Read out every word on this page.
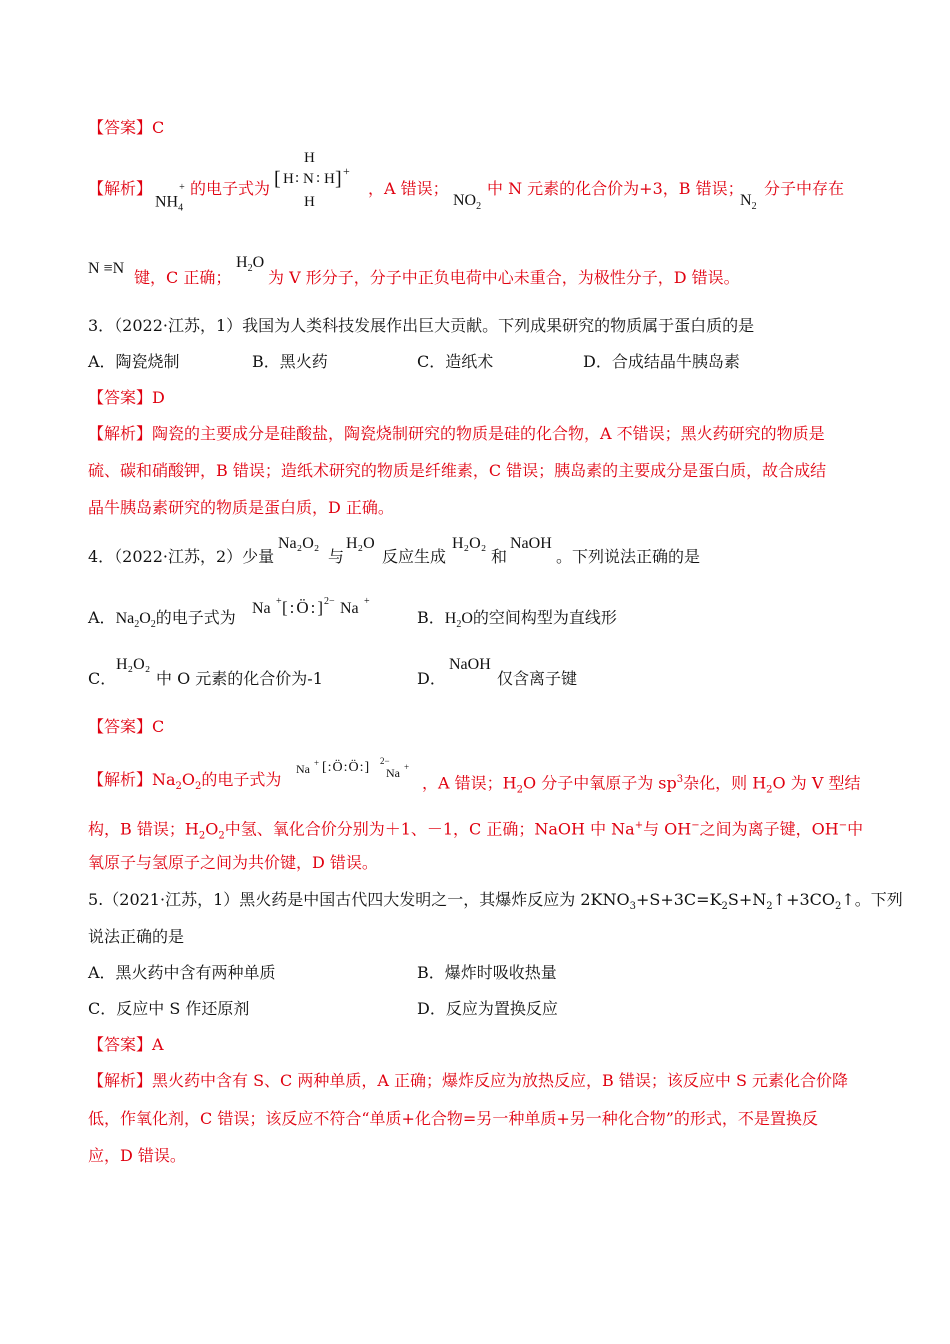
【答案】C
【解析】
$NH_4^+$ 的电子式为
H
[ H : N : H ] +
H
，A 错误；
$NO_2$
中 N 元素的化合价为+3，B 错误；
$N_2$
分子中存在
N ≡N 键，C 正确；
$H_2O$
为 V 形分子，分子中正负电荷中心未重合，为极性分子，D 错误。
3．（2022·江苏，1）我国为人类科技发展作出巨大贡献。下列成果研究的物质属于蛋白质的是
A．陶瓷烧制	B．黑火药	C．造纸术	D．合成结晶牛胰岛素
【答案】D
【解析】陶瓷的主要成分是硅酸盐，陶瓷烧制研究的物质是硅的化合物，A 不错误；黑火药研究的物质是
硫、碳和硝酸钾，B 错误；造纸术研究的物质是纤维素，C 错误；胰岛素的主要成分是蛋白质，故合成结
晶牛胰岛素研究的物质是蛋白质，D 正确。
4．（2022·江苏，2）少量
Na₂O₂
与
H₂O
反应生成
H₂O₂
和
NaOH
。下列说法正确的是
A．$Na_2O_2$的电子式为 Na + [:Ö:]
2− Na +
B．$H_2O$的空间构型为直线形
C．
H₂O₂
中 O 元素的化合价为-1	D．
NaOH
仅含离子键
【答案】C
【解析】$Na_2O_2$的电子式为
Na + [:Ö:Ö:] 2−
Na +
，A 错误；$H_2O$ 分子中氧原子为 $sp^3$杂化，则 $H_2O$ 为 V 型结
构，B 错误；$H_2O_2$中氢、氧化合价分别为＋1、－1，C 正确；NaOH 中 Na+与 OH−之间为离子键，OH−中
氧原子与氢原子之间为共价键，D 错误。
5.（2021·江苏，1）黑火药是中国古代四大发明之一，其爆炸反应为 $2KNO_3+S+3C=K_2S+N_2↑+3CO_2↑$。下列
说法正确的是
A．黑火药中含有两种单质	B．爆炸时吸收热量
C．反应中 S 作还原剂	D．反应为置换反应
【答案】A
【解析】黑火药中含有 S、C 两种单质，A 正确；爆炸反应为放热反应，B 错误；该反应中 S 元素化合价降
低，作氧化剂，C 错误；该反应不符合“单质+化合物=另一种单质+另一种化合物”的形式，不是置换反
应，D 错误。
